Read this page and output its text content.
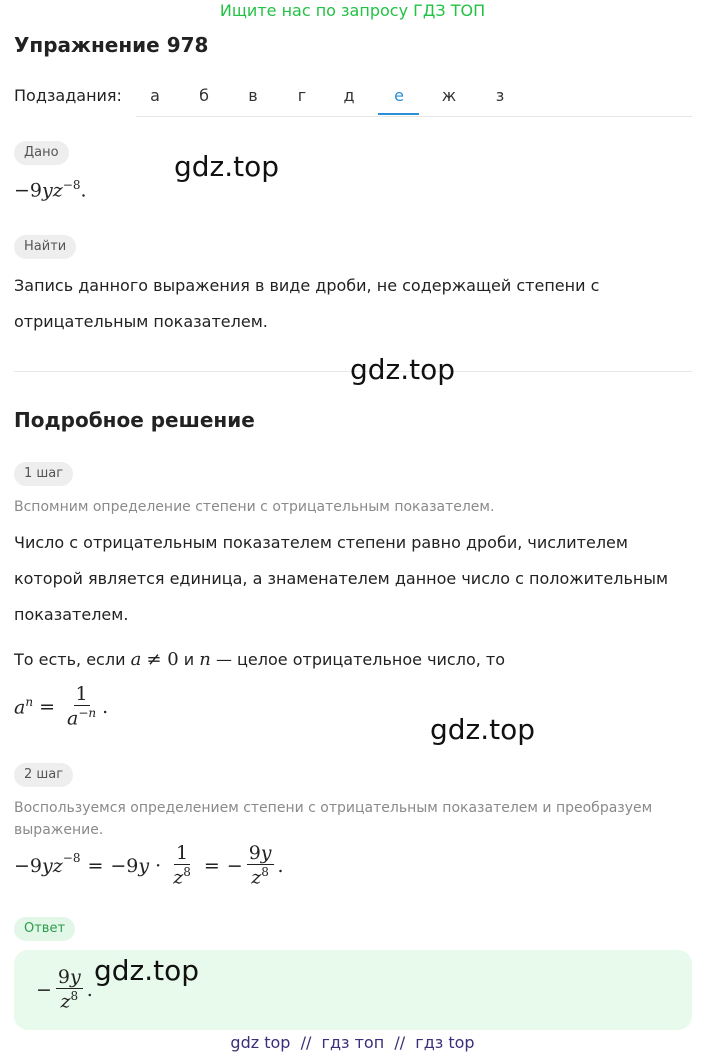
Ищите нас по запросу ГДЗ ТОП
Упражнение 978
Подзадания:	а	б	в	г	д	е	ж	з
Дано
$-9yz^{-8}$.
gdz.top
Найти
Запись данного выражения в виде дроби, не содержащей степени с
отрицательным показателем.
gdz.top
Подробное решение
1 шаг
Вспомним определение степени с отрицательным показателем.
Число с отрицательным показателем степени равно дроби, числителем
которой является единица, а знаменателем данное число с положительным
показателем.
То есть, если a ≠ 0 и n — целое отрицательное число, то
$a^n = \frac{1}{a^{-n}}$ .
gdz.top
2 шаг
Воспользуемся определением степени с отрицательным показателем и преобразуем
выражение.
−9 $yz^{-8} = -9$ $y \cdot \frac{1}{z^8}$ = − $\frac{9y}{z^8}$ .
Ответ
− $\frac{9y}{z^8}$ .
gdz.top
gdz top  //  гдз топ  //  гдз top
